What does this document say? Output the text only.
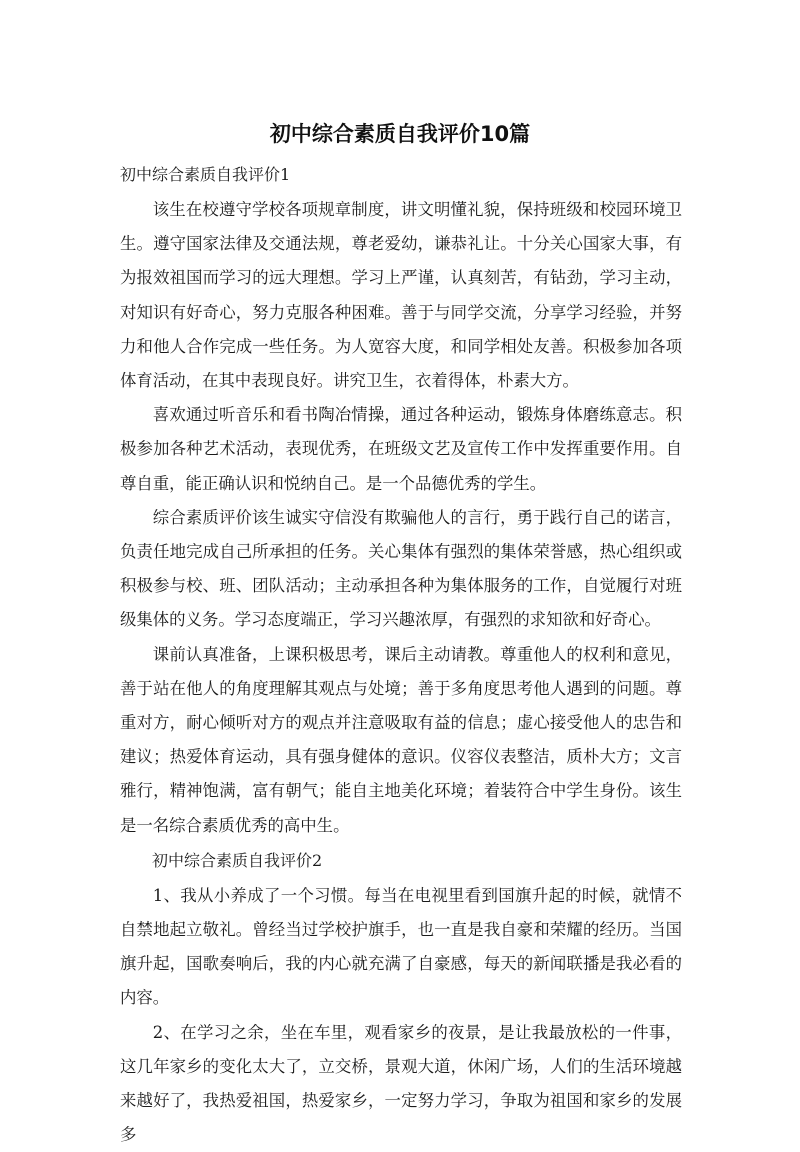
初中综合素质自我评价10篇

初中综合素质自我评价1

该生在校遵守学校各项规章制度，讲文明懂礼貌，保持班级和校园环境卫生。遵守国家法律及交通法规，尊老爱幼，谦恭礼让。十分关心国家大事，有为报效祖国而学习的远大理想。学习上严谨，认真刻苦，有钻劲，学习主动，对知识有好奇心，努力克服各种困难。善于与同学交流，分享学习经验，并努力和他人合作完成一些任务。为人宽容大度，和同学相处友善。积极参加各项体育活动，在其中表现良好。讲究卫生，衣着得体，朴素大方。

喜欢通过听音乐和看书陶冶情操，通过各种运动，锻炼身体磨练意志。积极参加各种艺术活动，表现优秀，在班级文艺及宣传工作中发挥重要作用。自尊自重，能正确认识和悦纳自己。是一个品德优秀的学生。

综合素质评价该生诚实守信没有欺骗他人的言行，勇于践行自己的诺言，负责任地完成自己所承担的任务。关心集体有强烈的集体荣誉感，热心组织或积极参与校、班、团队活动；主动承担各种为集体服务的工作，自觉履行对班级集体的义务。学习态度端正，学习兴趣浓厚，有强烈的求知欲和好奇心。

课前认真准备，上课积极思考，课后主动请教。尊重他人的权利和意见，善于站在他人的角度理解其观点与处境；善于多角度思考他人遇到的问题。尊重对方，耐心倾听对方的观点并注意吸取有益的信息；虚心接受他人的忠告和建议；热爱体育运动，具有强身健体的意识。仪容仪表整洁，质朴大方；文言雅行，精神饱满，富有朝气；能自主地美化环境；着装符合中学生身份。该生是一名综合素质优秀的高中生。

初中综合素质自我评价2

1、我从小养成了一个习惯。每当在电视里看到国旗升起的时候，就情不自禁地起立敬礼。曾经当过学校护旗手，也一直是我自豪和荣耀的经历。当国旗升起，国歌奏响后，我的内心就充满了自豪感，每天的新闻联播是我必看的内容。

2、在学习之余，坐在车里，观看家乡的夜景，是让我最放松的一件事，这几年家乡的变化太大了，立交桥，景观大道，休闲广场，人们的生活环境越来越好了，我热爱祖国，热爱家乡，一定努力学习，争取为祖国和家乡的发展多
